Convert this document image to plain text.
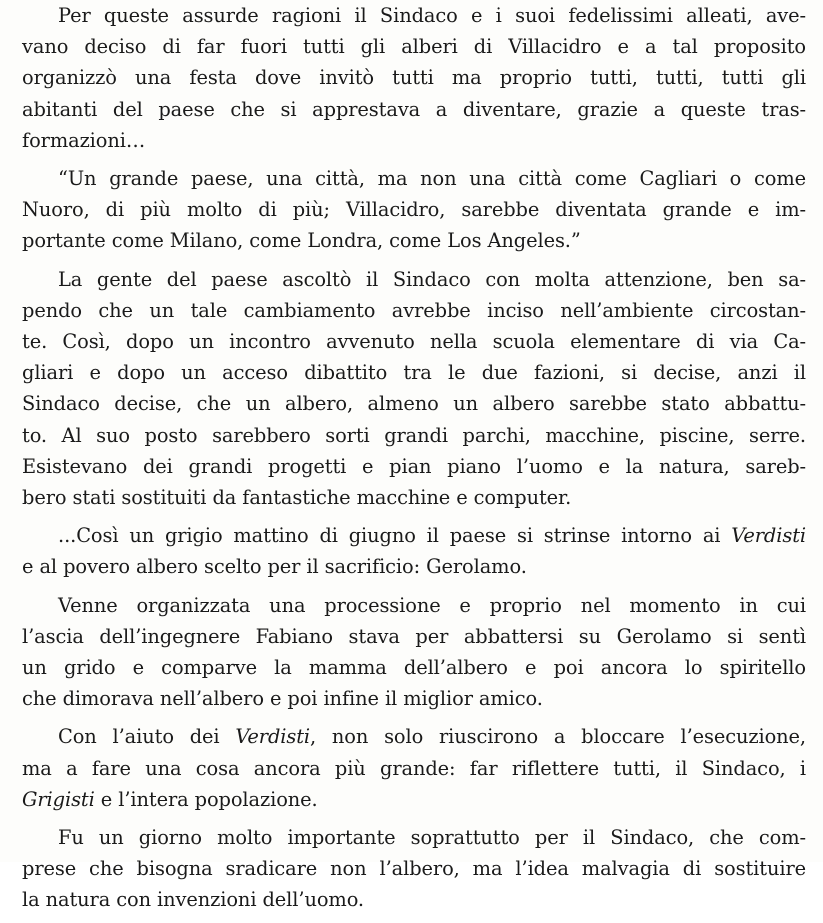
Per queste assurde ragioni il Sindaco e i suoi fedelissimi alleati, ave-
vano deciso di far fuori tutti gli alberi di Villacidro e a tal proposito
organizzò una festa dove invitò tutti ma proprio tutti, tutti, tutti gli
abitanti del paese che si apprestava a diventare, grazie a queste tras-
formazioni…
“Un grande paese, una città, ma non una città come Cagliari o come
Nuoro, di più molto di più; Villacidro, sarebbe diventata grande e im-
portante come Milano, come Londra, come Los Angeles.”
La gente del paese ascoltò il Sindaco con molta attenzione, ben sa-
pendo che un tale cambiamento avrebbe inciso nell’ambiente circostan-
te. Così, dopo un incontro avvenuto nella scuola elementare di via Ca-
gliari e dopo un acceso dibattito tra le due fazioni, si decise, anzi il
Sindaco decise, che un albero, almeno un albero sarebbe stato abbattu-
to. Al suo posto sarebbero sorti grandi parchi, macchine, piscine, serre.
Esistevano dei grandi progetti e pian piano l’uomo e la natura, sareb-
bero stati sostituiti da fantastiche macchine e computer.
...Così un grigio mattino di giugno il paese si strinse intorno ai Verdisti
e al povero albero scelto per il sacrificio: Gerolamo.
Venne organizzata una processione e proprio nel momento in cui
l’ascia dell’ingegnere Fabiano stava per abbattersi su Gerolamo si sentì
un grido e comparve la mamma dell’albero e poi ancora lo spiritello
che dimorava nell’albero e poi infine il miglior amico.
Con l’aiuto dei Verdisti, non solo riuscirono a bloccare l’esecuzione,
ma a fare una cosa ancora più grande: far riflettere tutti, il Sindaco, i
Grigisti e l’intera popolazione.
Fu un giorno molto importante soprattutto per il Sindaco, che com-
prese che bisogna sradicare non l’albero, ma l’idea malvagia di sostituire
la natura con invenzioni dell’uomo.
